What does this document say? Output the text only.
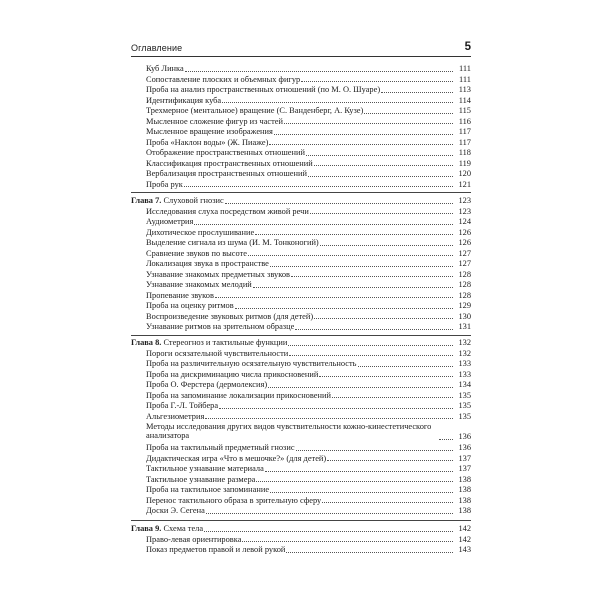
Оглавление	5
Куб Линка	111
Сопоставление плоских и объемных фигур	111
Проба на анализ пространственных отношений (по М. О. Шуаре)	113
Идентификация куба	114
Трехмерное (ментальное) вращение (С. Ванденберг, А. Кузе)	115
Мысленное сложение фигур из частей	116
Мысленное вращение изображения	117
Проба «Наклон воды» (Ж. Пиаже)	117
Отображение пространственных отношений	118
Классификация пространственных отношений	119
Вербализация пространственных отношений	120
Проба рук	121
Глава 7. Слуховой гнозис	123
Исследования слуха посредством живой речи	123
Аудиометрия	124
Дихотическое прослушивание	126
Выделение сигнала из шума (И. М. Тонконогий)	126
Сравнение звуков по высоте	127
Локализация звука в пространстве	127
Узнавание знакомых предметных звуков	128
Узнавание знакомых мелодий	128
Пропевание звуков	128
Проба на оценку ритмов	129
Воспроизведение звуковых ритмов (для детей)	130
Узнавание ритмов на зрительном образце	131
Глава 8. Стереогноз и тактильные функции	132
Пороги осязательной чувствительности	132
Проба на различительную осязательную чувствительность	133
Проба на дискриминацию числа прикосновений	133
Проба О. Ферстера (дермолексия)	134
Проба на запоминание локализации прикосновений	135
Проба Г.-Л. Тойбера	135
Альгезиометрия	135
Методы исследования других видов чувствительности кожно-кинестетического анализатора	136
Проба на тактильный предметный гнозис	136
Дидактическая игра «Что в мешочке?» (для детей)	137
Тактильное узнавание материала	137
Тактильное узнавание размера	138
Проба на тактильное запоминание	138
Перенос тактильного образа в зрительную сферу	138
Доски Э. Сегена	138
Глава 9. Схема тела	142
Право-левая ориентировка	142
Показ предметов правой и левой рукой	143
